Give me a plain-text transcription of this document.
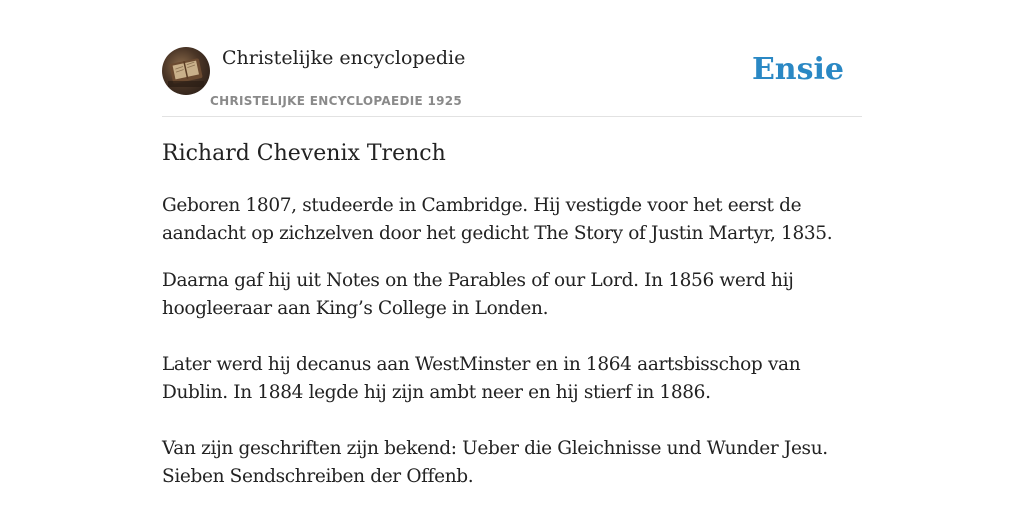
Christelijke encyclopedie
CHRISTELIJKE ENCYCLOPAEDIE 1925
Ensie
Richard Chevenix Trench

Geboren 1807, studeerde in Cambridge. Hij vestigde voor het eerst de aandacht op zichzelven door het gedicht The Story of Justin Martyr, 1835.

Daarna gaf hij uit Notes on the Parables of our Lord. In 1856 werd hij hoogleeraar aan King’s College in Londen.

Later werd hij decanus aan WestMinster en in 1864 aartsbisschop van Dublin. In 1884 legde hij zijn ambt neer en hij stierf in 1886.

Van zijn geschriften zijn bekend: Ueber die Gleichnisse und Wunder Jesu. Sieben Sendschreiben der Offenb.
